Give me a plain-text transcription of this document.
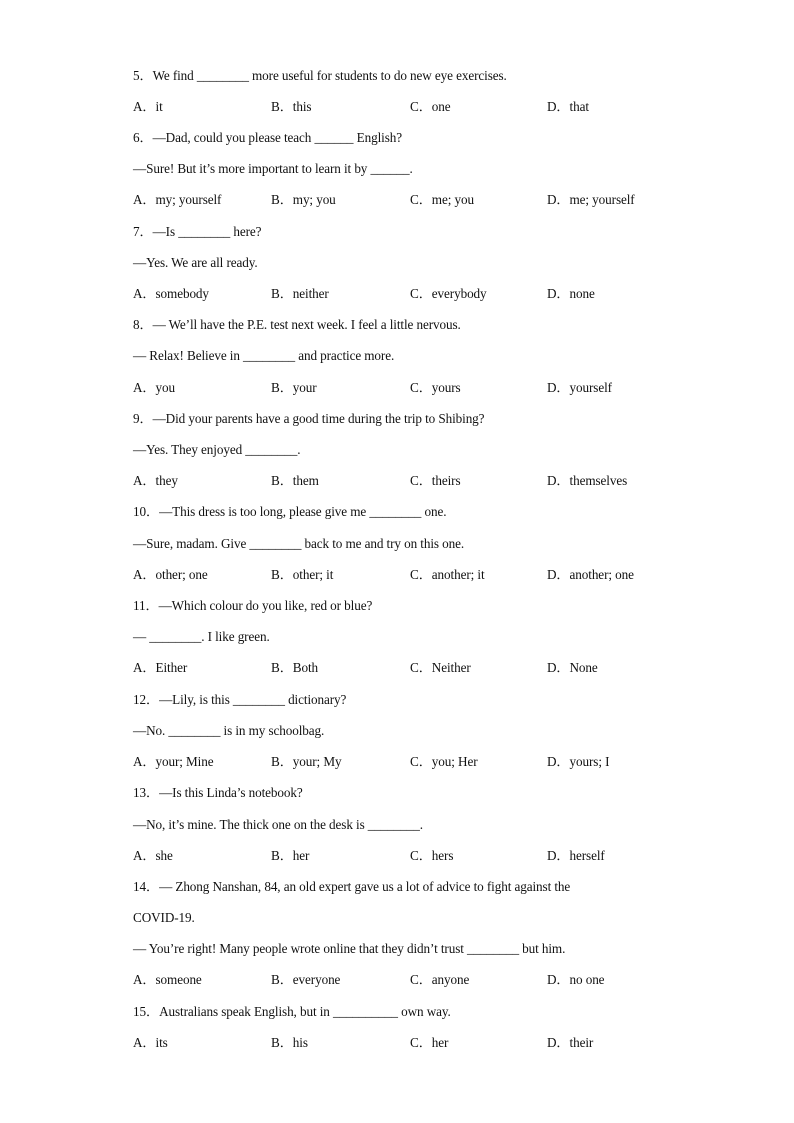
5．We find ________ more useful for students to do new eye exercises.
A．it	B．this	C．one	D．that
6．—Dad, could you please teach ______ English?
—Sure! But it’s more important to learn it by ______.
A．my; yourself	B．my; you	C．me; you	D．me; yourself
7．—Is ________ here?
—Yes. We are all ready.
A．somebody	B．neither	C．everybody	D．none
8．— We’ll have the P.E. test next week. I feel a little nervous.
— Relax! Believe in ________ and practice more.
A．you	B．your	C．yours	D．yourself
9．—Did your parents have a good time during the trip to Shibing?
—Yes. They enjoyed ________.
A．they	B．them	C．theirs	D．themselves
10．—This dress is too long, please give me ________ one.
—Sure, madam. Give ________ back to me and try on this one.
A．other; one	B．other; it	C．another; it	D．another; one
11．—Which colour do you like, red or blue?
— ________. I like green.
A．Either	B．Both	C．Neither	D．None
12．—Lily, is this ________ dictionary?
—No. ________ is in my schoolbag.
A．your; Mine	B．your; My	C．you; Her	D．yours; I
13．—Is this Linda’s notebook?
—No, it’s mine. The thick one on the desk is ________.
A．she	B．her	C．hers	D．herself
14．— Zhong Nanshan, 84, an old expert gave us a lot of advice to fight against the
COVID-19.
— You’re right! Many people wrote online that they didn’t trust ________ but him.
A．someone	B．everyone	C．anyone	D．no one
15．Australians speak English, but in __________ own way.
A．its	B．his	C．her	D．their
